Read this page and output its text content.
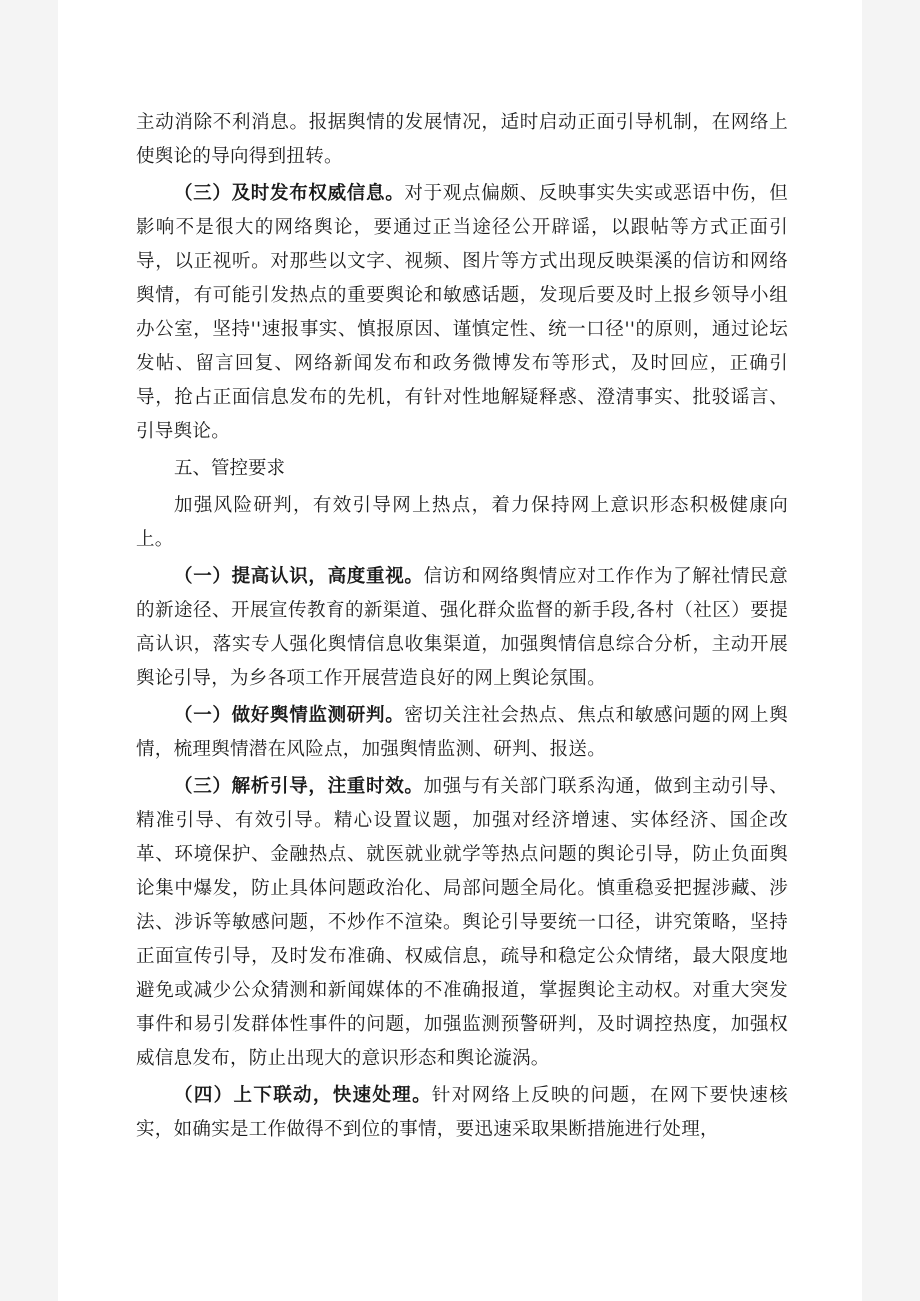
主动消除不利消息。报据舆情的发展情况，适时启动正面引导机制，在网络上使舆论的导向得到扭转。

（三）及时发布权威信息。对于观点偏颇、反映事实失实或恶语中伤，但影响不是很大的网络舆论，要通过正当途径公开辟谣，以跟帖等方式正面引导，以正视听。对那些以文字、视频、图片等方式出现反映渠溪的信访和网络舆情，有可能引发热点的重要舆论和敏感话题，发现后要及时上报乡领导小组办公室，坚持''速报事实、慎报原因、谨慎定性、统一口径''的原则，通过论坛发帖、留言回复、网络新闻发布和政务微博发布等形式，及时回应，正确引导，抢占正面信息发布的先机，有针对性地解疑释惑、澄清事实、批驳谣言、引导舆论。

五、管控要求

加强风险研判，有效引导网上热点，着力保持网上意识形态积极健康向上。

（一）提高认识，高度重视。信访和网络舆情应对工作作为了解社情民意的新途径、开展宣传教育的新渠道、强化群众监督的新手段,各村（社区）要提高认识，落实专人强化舆情信息收集渠道，加强舆情信息综合分析，主动开展舆论引导，为乡各项工作开展营造良好的网上舆论氛围。

（一）做好舆情监测研判。密切关注社会热点、焦点和敏感问题的网上舆情，梳理舆情潜在风险点，加强舆情监测、研判、报送。

（三）解析引导，注重时效。加强与有关部门联系沟通，做到主动引导、精准引导、有效引导。精心设置议题，加强对经济增速、实体经济、国企改革、环境保护、金融热点、就医就业就学等热点问题的舆论引导，防止负面舆论集中爆发，防止具体问题政治化、局部问题全局化。慎重稳妥把握涉藏、涉法、涉诉等敏感问题，不炒作不渲染。舆论引导要统一口径，讲究策略，坚持正面宣传引导，及时发布准确、权威信息，疏导和稳定公众情绪，最大限度地避免或减少公众猜测和新闻媒体的不准确报道，掌握舆论主动权。对重大突发事件和易引发群体性事件的问题，加强监测预警研判，及时调控热度，加强权威信息发布，防止出现大的意识形态和舆论漩涡。

（四）上下联动，快速处理。针对网络上反映的问题，在网下要快速核实，如确实是工作做得不到位的事情，要迅速采取果断措施进行处理，
